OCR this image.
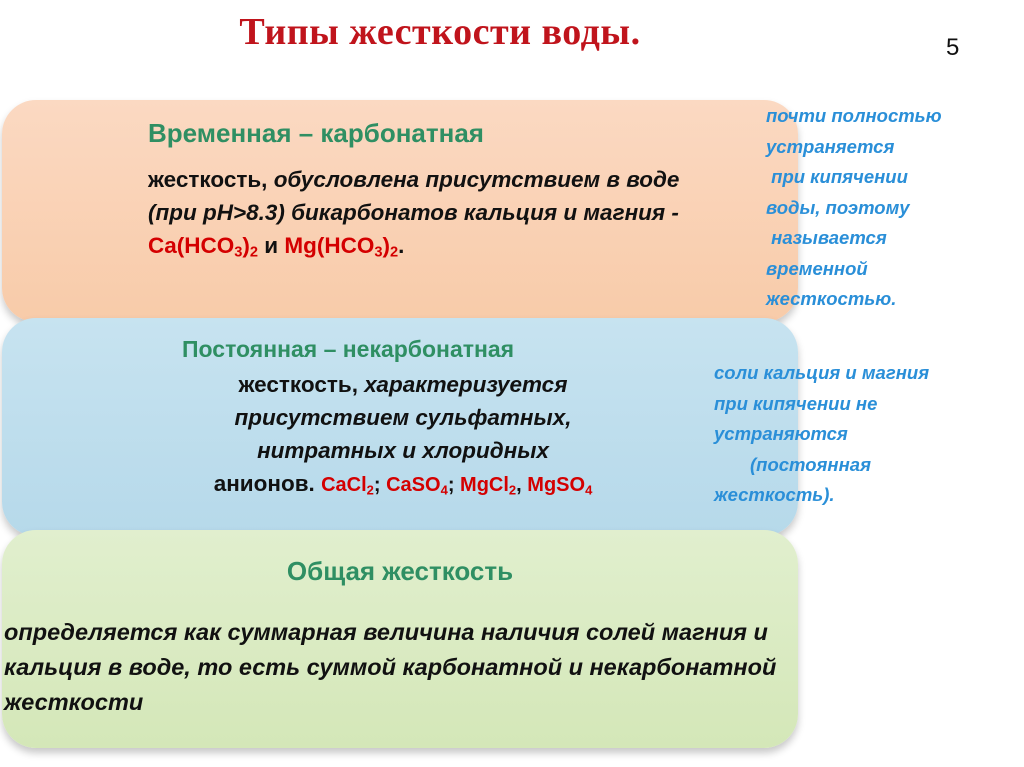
Типы жесткости воды.	5
Временная – карбонатная
жесткость, обусловлена присутствием в воде (при pH>8.3) бикарбонатов кальция и магния - $Ca(HCO_3)_2$ и $Mg(HCO_3)_2$.
Постоянная – некарбонатная
жесткость, характеризуется присутствием сульфатных, нитратных и хлоридных
анионов. CaCl$_2$; CaSO$_4$; MgCl$_2$, MgSO$_4$
Общая жесткость
определяется как суммарная величина наличия солей магния и кальция в воде, то есть суммой карбонатной и некарбонатной жесткости
почти полностью
устраняется
при кипячении
воды, поэтому
называется
временной
жесткостью.
соли кальция и магния
при кипячении не
устраняются
(постоянная
жесткость).
